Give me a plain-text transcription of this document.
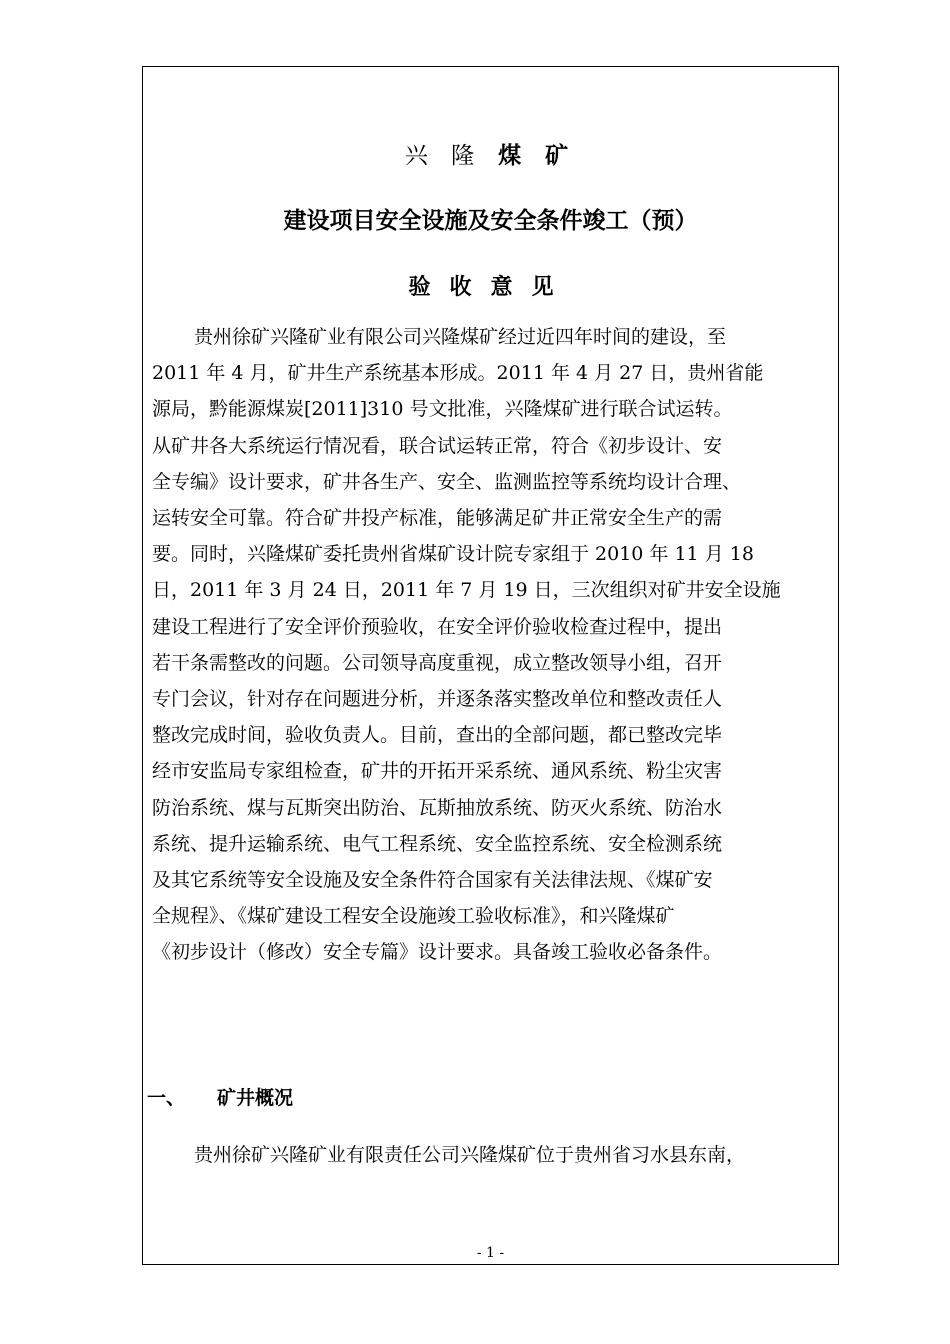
兴 隆 煤 矿
建设项目安全设施及安全条件竣工（预）
验收意见
贵州徐矿兴隆矿业有限公司兴隆煤矿经过近四年时间的建设，至
2011 年 4 月，矿井生产系统基本形成。2011 年 4 月 27 日，贵州省能
源局，黔能源煤炭[2011]310 号文批准，兴隆煤矿进行联合试运转。
从矿井各大系统运行情况看，联合试运转正常，符合《初步设计、安
全专编》设计要求，矿井各生产、安全、监测监控等系统均设计合理、
运转安全可靠。符合矿井投产标准，能够满足矿井正常安全生产的需
要。同时，兴隆煤矿委托贵州省煤矿设计院专家组于 2010 年 11 月 18
日，2011 年 3 月 24 日，2011 年 7 月 19 日，三次组织对矿井安全设施
建设工程进行了安全评价预验收，在安全评价验收检查过程中，提出
若干条需整改的问题。公司领导高度重视，成立整改领导小组，召开
专门会议，针对存在问题进分析，并逐条落实整改单位和整改责任人
整改完成时间，验收负责人。目前，查出的全部问题，都已整改完毕
经市安监局专家组检查，矿井的开拓开采系统、通风系统、粉尘灾害
防治系统、煤与瓦斯突出防治、瓦斯抽放系统、防灭火系统、防治水
系统、提升运输系统、电气工程系统、安全监控系统、安全检测系统
及其它系统等安全设施及安全条件符合国家有关法律法规、《煤矿安
全规程》、《煤矿建设工程安全设施竣工验收标准》，和兴隆煤矿
《初步设计（修改）安全专篇》设计要求。具备竣工验收必备条件。
一、 矿井概况
贵州徐矿兴隆矿业有限责任公司兴隆煤矿位于贵州省习水县东南，
- 1 -
